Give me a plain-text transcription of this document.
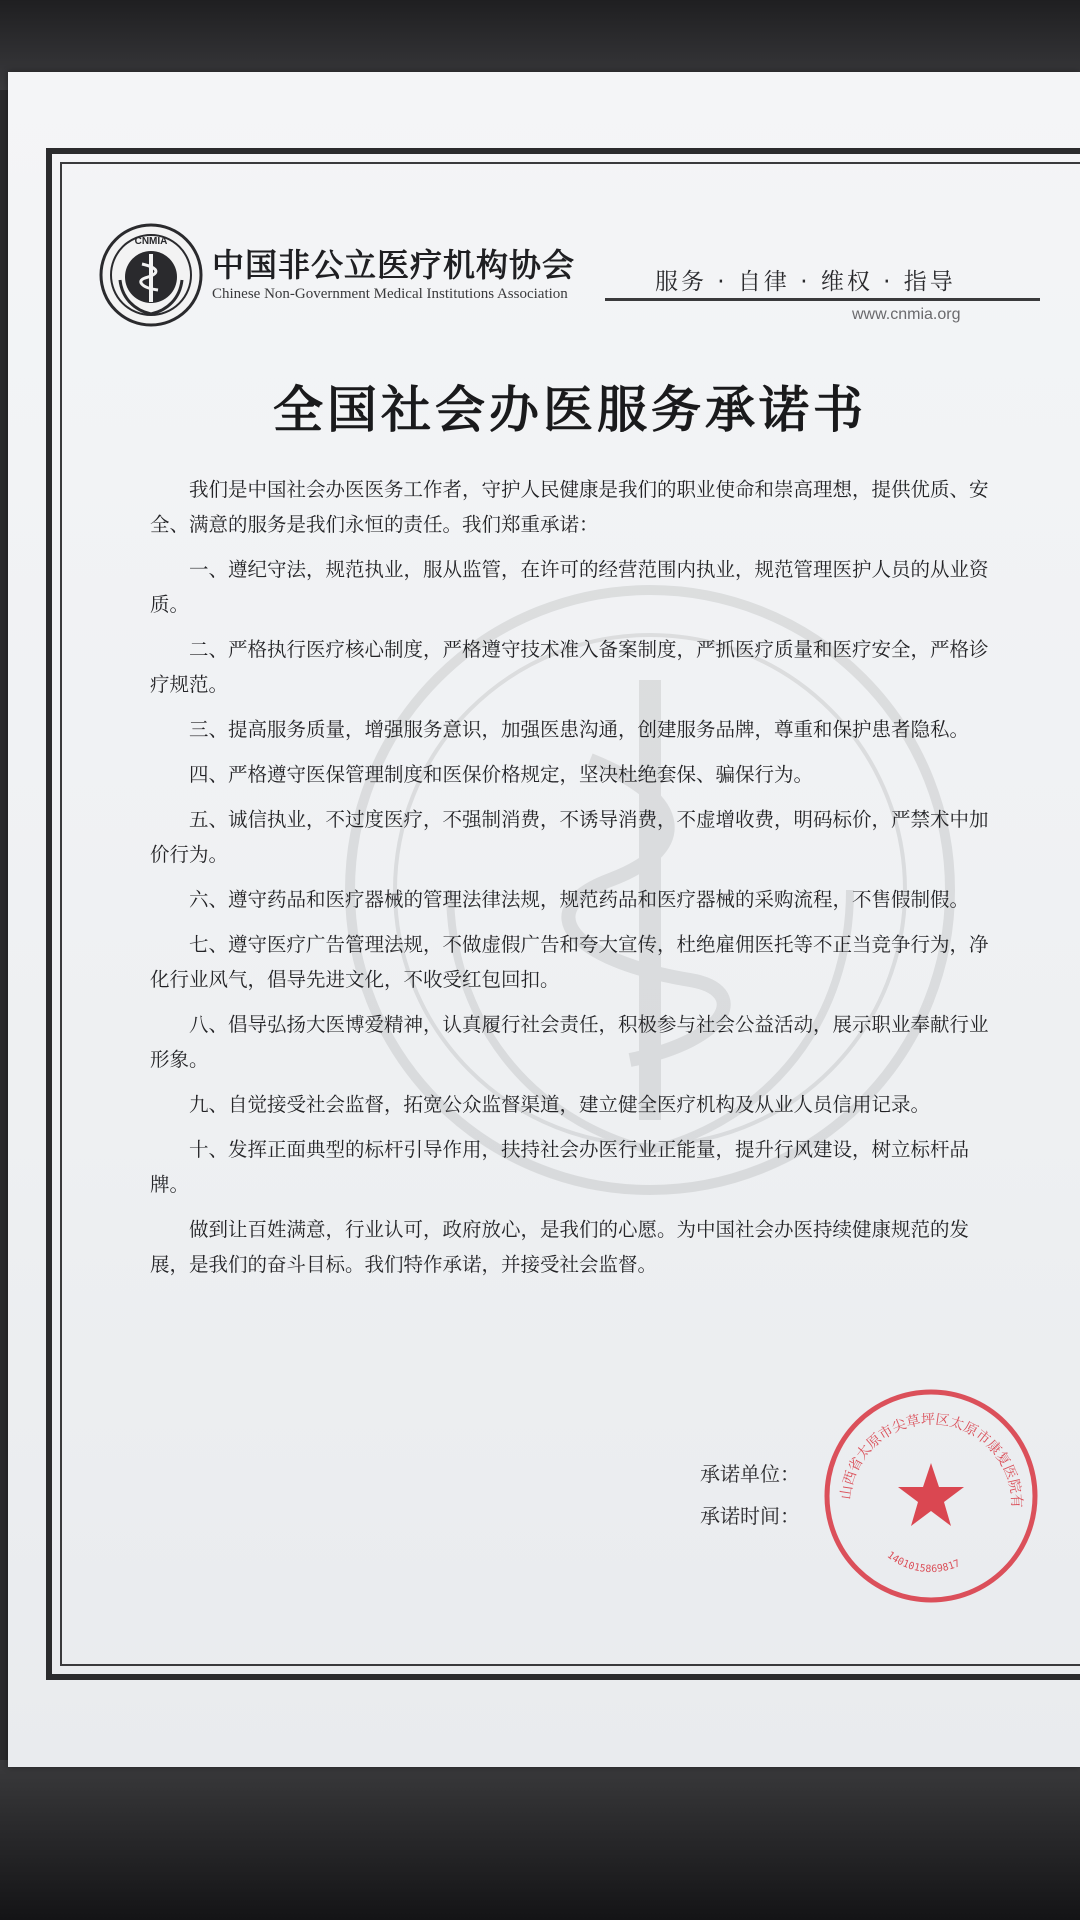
CNMIA
中国非公立医疗机构协会
Chinese Non-Government Medical Institutions Association	服务 · 自律 · 维权 · 指导
www.cnmia.org
全国社会办医服务承诺书

我们是中国社会办医医务工作者，守护人民健康是我们的职业使命和崇高理想，提供优质、安全、满意的服务是我们永恒的责任。我们郑重承诺：

一、遵纪守法，规范执业，服从监管，在许可的经营范围内执业，规范管理医护人员的从业资质。

二、严格执行医疗核心制度，严格遵守技术准入备案制度，严抓医疗质量和医疗安全，严格诊疗规范。

三、提高服务质量，增强服务意识，加强医患沟通，创建服务品牌，尊重和保护患者隐私。

四、严格遵守医保管理制度和医保价格规定，坚决杜绝套保、骗保行为。

五、诚信执业，不过度医疗，不强制消费，不诱导消费，不虚增收费，明码标价，严禁术中加价行为。

六、遵守药品和医疗器械的管理法律法规，规范药品和医疗器械的采购流程，不售假制假。

七、遵守医疗广告管理法规，不做虚假广告和夸大宣传，杜绝雇佣医托等不正当竞争行为，净化行业风气，倡导先进文化，不收受红包回扣。

八、倡导弘扬大医博爱精神，认真履行社会责任，积极参与社会公益活动，展示职业奉献行业形象。

九、自觉接受社会监督，拓宽公众监督渠道，建立健全医疗机构及从业人员信用记录。

十、发挥正面典型的标杆引导作用，扶持社会办医行业正能量，提升行风建设，树立标杆品牌。

做到让百姓满意，行业认可，政府放心，是我们的心愿。为中国社会办医持续健康规范的发展，是我们的奋斗目标。我们特作承诺，并接受社会监督。

承诺单位：
承诺时间：
山西省太原市尖草坪区太原市康复医院有
1401015869817
